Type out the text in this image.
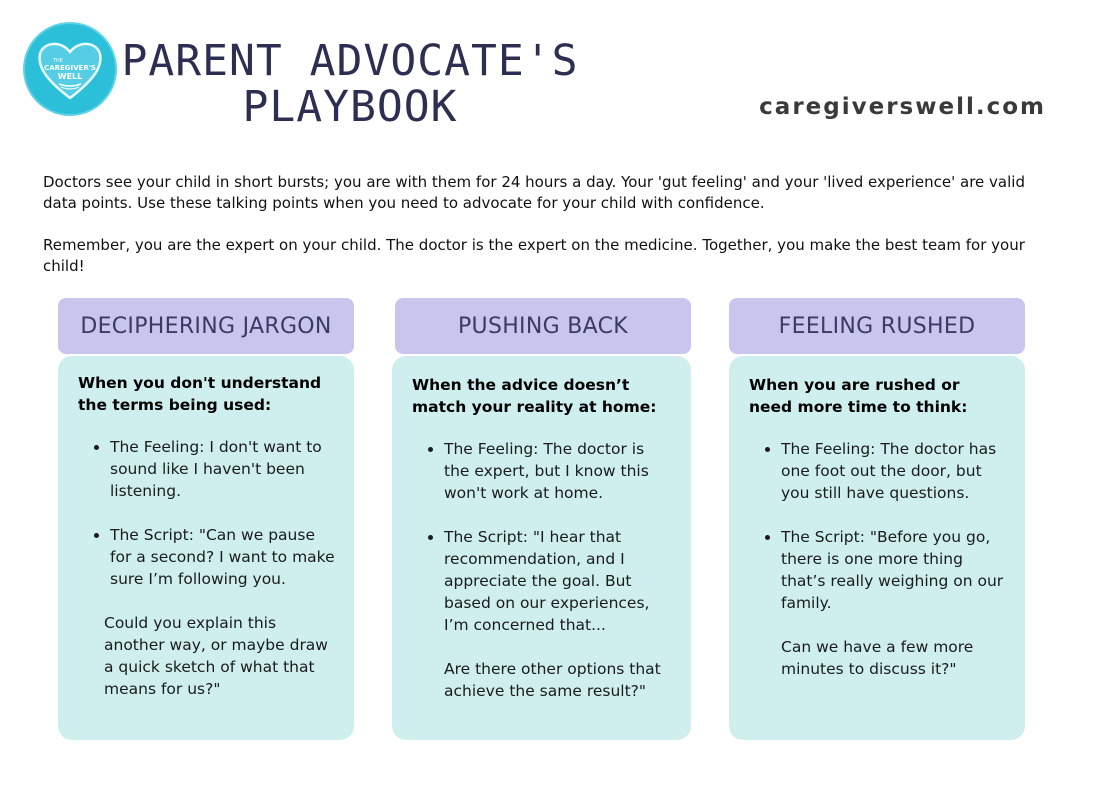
THE
CAREGIVER'S
WELL PARENT ADVOCATE'S
PLAYBOOK	caregiverswell.com

Doctors see your child in short bursts; you are with them for 24 hours a day. Your 'gut feeling' and your 'lived experience' are valid data points. Use these talking points when you need to advocate for your child with confidence.

Remember, you are the expert on your child. The doctor is the expert on the medicine. Together, you make the best team for your child!

DECIPHERING JARGON
When you don't understand the terms being used:
• The Feeling: I don't want to sound like I haven't been listening.
• The Script: "Can we pause for a second? I want to make sure I’m following you.

Could you explain this another way, or maybe draw a quick sketch of what that means for us?"

PUSHING BACK
When the advice doesn’t match your reality at home:
• The Feeling: The doctor is the expert, but I know this won't work at home.
• The Script: "I hear that recommendation, and I appreciate the goal. But based on our experiences, I’m concerned that...

Are there other options that achieve the same result?"

FEELING RUSHED
When you are rushed or need more time to think:
• The Feeling: The doctor has one foot out the door, but you still have questions.
• The Script: "Before you go, there is one more thing that’s really weighing on our family.

Can we have a few more minutes to discuss it?"
